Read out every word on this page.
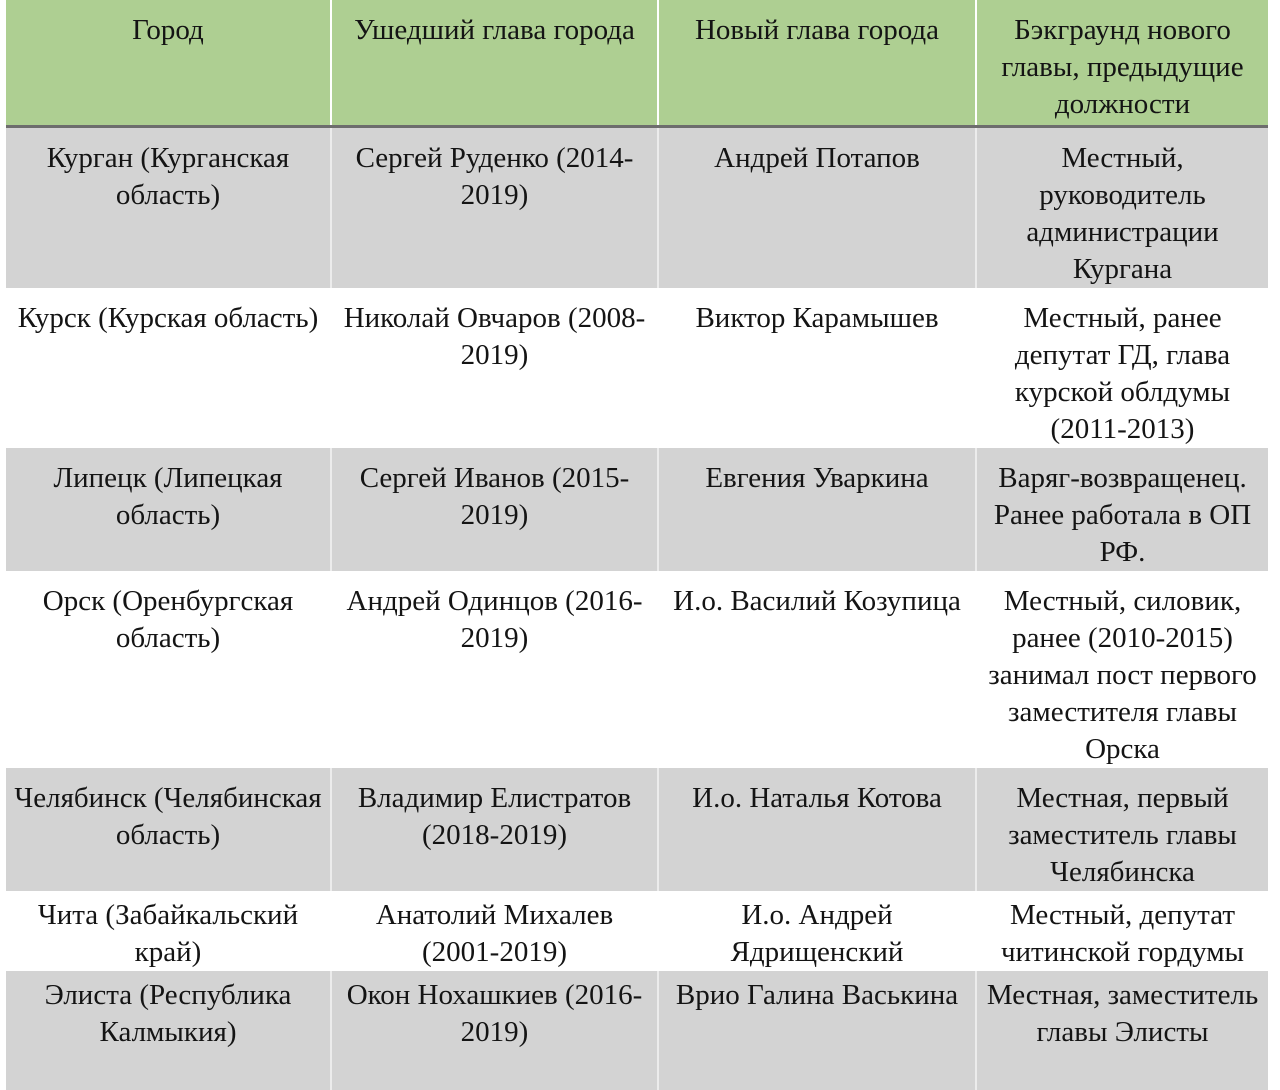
Город	Ушедший глава города	Новый глава города	Бэкграунд нового главы, предыдущие должности
Курган (Курганская область)	Сергей Руденко (2014-2019)	Андрей Потапов	Местный, руководитель администрации Кургана
Курск (Курская область)	Николай Овчаров (2008-2019)	Виктор Карамышев	Местный, ранее депутат ГД, глава курской облдумы (2011-2013)
Липецк (Липецкая область)	Сергей Иванов (2015-2019)	Евгения Уваркина	Варяг-возвращенец. Ранее работала в ОП РФ.
Орск (Оренбургская область)	Андрей Одинцов (2016-2019)	И.о. Василий Козупица	Местный, силовик, ранее (2010-2015) занимал пост первого заместителя главы Орска
Челябинск (Челябинская область)	Владимир Елистратов (2018-2019)	И.о. Наталья Котова	Местная, первый заместитель главы Челябинска
Чита (Забайкальский край)	Анатолий Михалев (2001-2019)	И.о. Андрей Ядрищенский	Местный, депутат читинской гордумы
Элиста (Республика Калмыкия)	Окон Нохашкиев (2016-2019)	Врио Галина Васькина	Местная, заместитель главы Элисты
